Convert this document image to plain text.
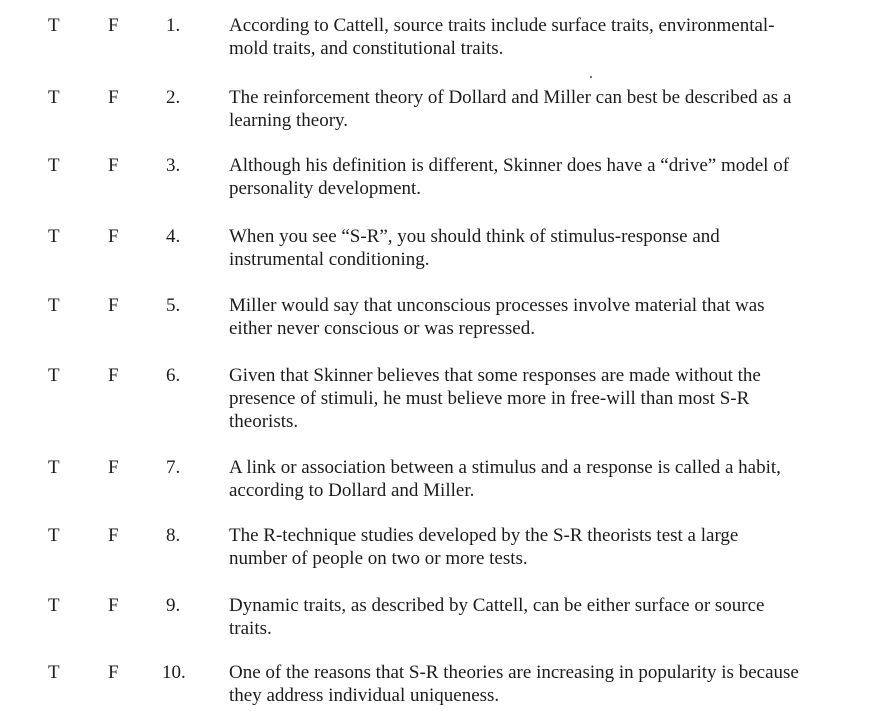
T	F 1.	According to Cattell, source traits include surface traits, environmental-
mold traits, and constitutional traits.
T	F 2.	The reinforcement theory of Dollard and Miller can best be described as a
learning theory.
T	F 3.	Although his definition is different, Skinner does have a “drive” model of
personality development.
T	F 4.	When you see “S-R”, you should think of stimulus-response and
instrumental conditioning.
T	F 5.	Miller would say that unconscious processes involve material that was
either never conscious or was repressed.
T	F 6.	Given that Skinner believes that some responses are made without the
presence of stimuli, he must believe more in free-will than most S-R
theorists.
T	F 7.	A link or association between a stimulus and a response is called a habit,
according to Dollard and Miller.
T	F 8.	The R-technique studies developed by the S-R theorists test a large
number of people on two or more tests.
T	F 9.	Dynamic traits, as described by Cattell, can be either surface or source
traits.
T	F 10. One of the reasons that S-R theories are increasing in popularity is because
they address individual uniqueness.
